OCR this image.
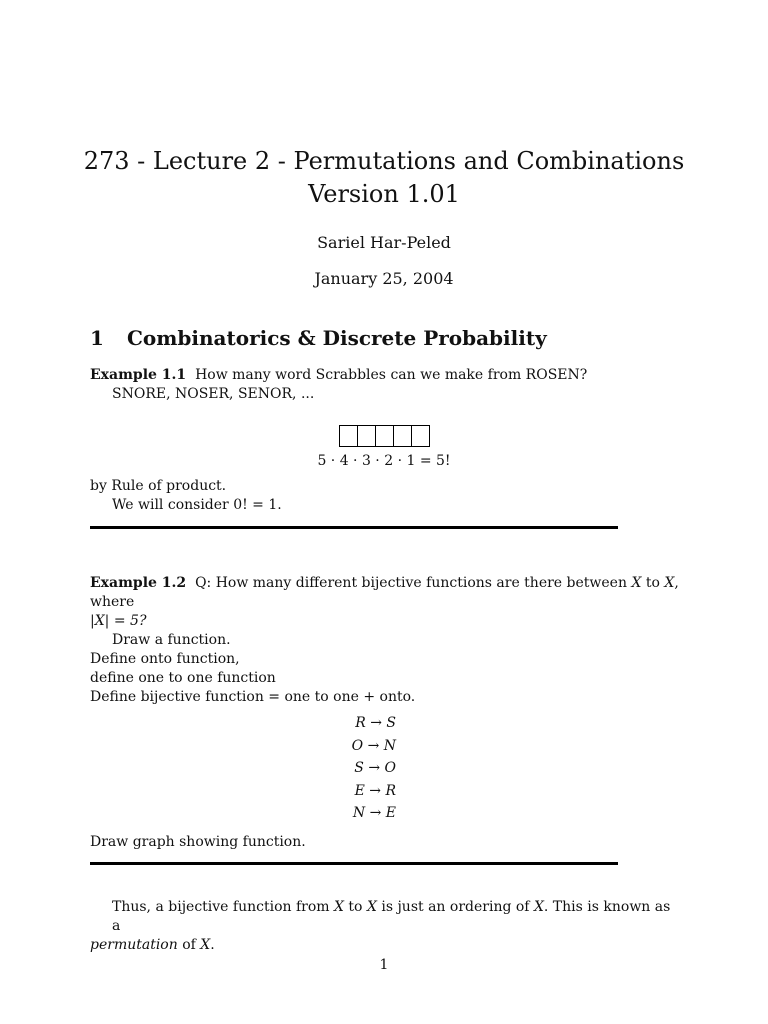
273 - Lecture 2 - Permutations and Combinations
Version 1.01
Sariel Har-Peled
January 25, 2004
1 Combinatorics & Discrete Probability
Example 1.1 How many word Scrabbles can we make from ROSEN?
SNORE, NOSER, SENOR, ...
5 · 4 · 3 · 2 · 1 = 5!
by Rule of product.
We will consider 0! = 1.
Example 1.2 Q: How many different bijective functions are there between X to X, where
|X| = 5?
Draw a function.
Define onto function,
define one to one function
Define bijective function = one to one + onto.
R → S
O → N
S → O
E → R
N → E
Draw graph showing function.
Thus, a bijective function from X to X is just an ordering of X. This is known as a
permutation of X.
1
